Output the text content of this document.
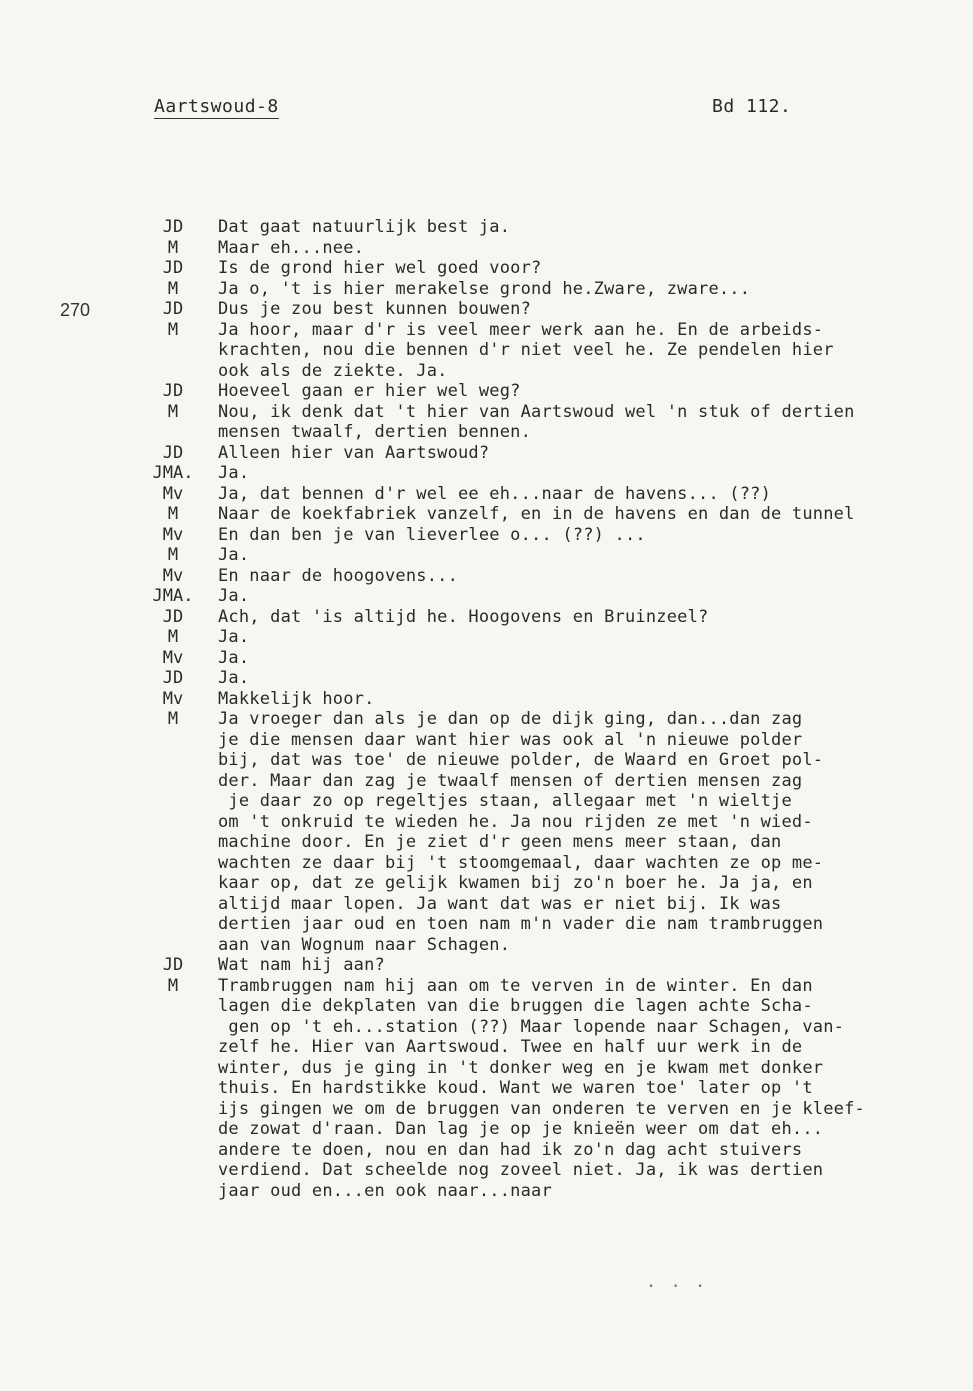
Aartswoud-8	Bd 112.
270
JD	Dat gaat natuurlijk best ja.
M	Maar eh...nee.
JD	Is de grond hier wel goed voor?
M	Ja o, 't is hier merakelse grond he.Zware, zware...
JD	Dus je zou best kunnen bouwen?
M	Ja hoor, maar d'r is veel meer werk aan he. En de arbeids-
krachten, nou die bennen d'r niet veel he. Ze pendelen hier
ook als de ziekte. Ja.
JD	Hoeveel gaan er hier wel weg?
M	Nou, ik denk dat 't hier van Aartswoud wel 'n stuk of dertien
mensen twaalf, dertien bennen.
JD	Alleen hier van Aartswoud?
JMA.	Ja.
Mv	Ja, dat bennen d'r wel ee eh...naar de havens... (??)
M	Naar de koekfabriek vanzelf, en in de havens en dan de tunnel
Mv	En dan ben je van lieverlee o... (??) ...
M	Ja.
Mv	En naar de hoogovens...
JMA.	Ja.
JD	Ach, dat 'is altijd he. Hoogovens en Bruinzeel?
M	Ja.
Mv	Ja.
JD	Ja.
Mv	Makkelijk hoor.
M	Ja vroeger dan als je dan op de dijk ging, dan...dan zag
je die mensen daar want hier was ook al 'n nieuwe polder
bij, dat was toe' de nieuwe polder, de Waard en Groet pol-
der. Maar dan zag je twaalf mensen of dertien mensen zag
je daar zo op regeltjes staan, allegaar met 'n wieltje
om 't onkruid te wieden he. Ja nou rijden ze met 'n wied-
machine door. En je ziet d'r geen mens meer staan, dan
wachten ze daar bij 't stoomgemaal, daar wachten ze op me-
kaar op, dat ze gelijk kwamen bij zo'n boer he. Ja ja, en
altijd maar lopen. Ja want dat was er niet bij. Ik was
dertien jaar oud en toen nam m'n vader die nam trambruggen
aan van Wognum naar Schagen.
JD	Wat nam hij aan?
M	Trambruggen nam hij aan om te verven in de winter. En dan
lagen die dekplaten van die bruggen die lagen achte Scha-
gen op 't eh...station (??) Maar lopende naar Schagen, van-
zelf he. Hier van Aartswoud. Twee en half uur werk in de
winter, dus je ging in 't donker weg en je kwam met donker
thuis. En hardstikke koud. Want we waren toe' later op 't
ijs gingen we om de bruggen van onderen te verven en je kleef-
de zowat d'raan. Dan lag je op je knieën weer om dat eh...
andere te doen, nou en dan had ik zo'n dag acht stuivers
verdiend. Dat scheelde nog zoveel niet. Ja, ik was dertien
jaar oud en...en ook naar...naar
. . .
